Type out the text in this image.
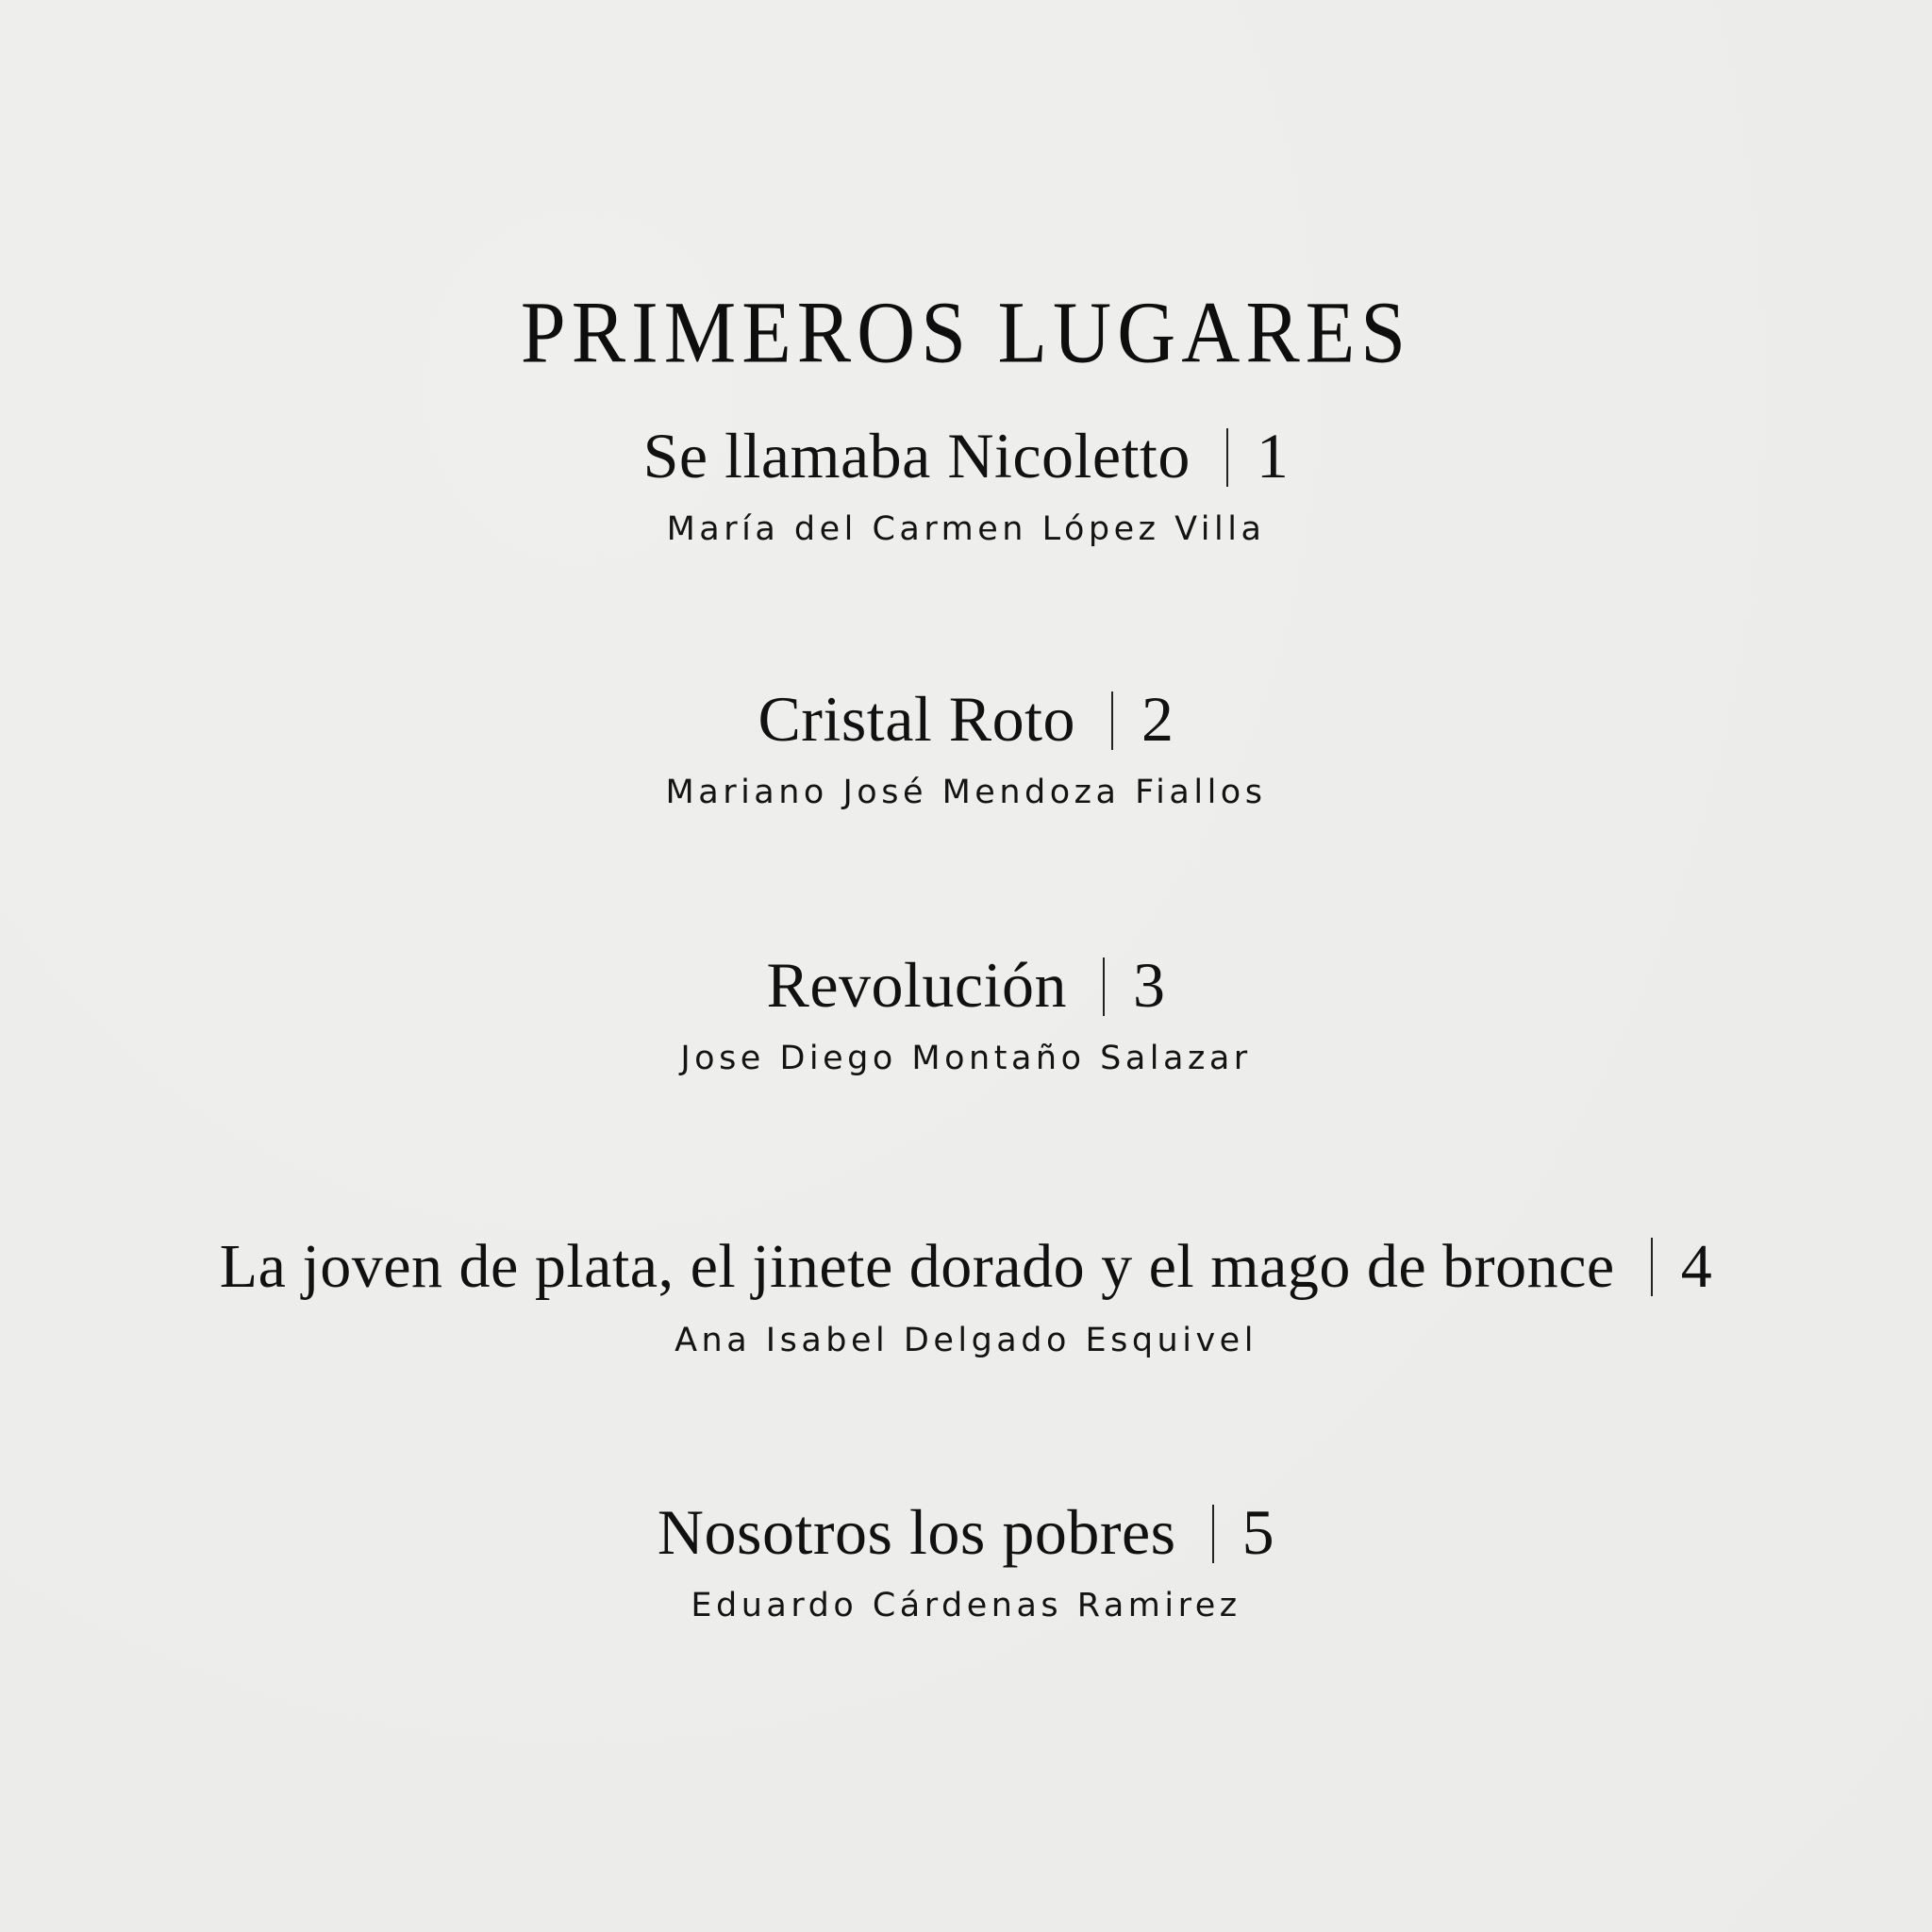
PRIMEROS LUGARES
Se llamaba Nicoletto 1
María del Carmen López Villa
Cristal Roto 2
Mariano José Mendoza Fiallos
Revolución 3
Jose Diego Montaño Salazar
La joven de plata, el jinete dorado y el mago de bronce 4
Ana Isabel Delgado Esquivel
Nosotros los pobres 5
Eduardo Cárdenas Ramirez
